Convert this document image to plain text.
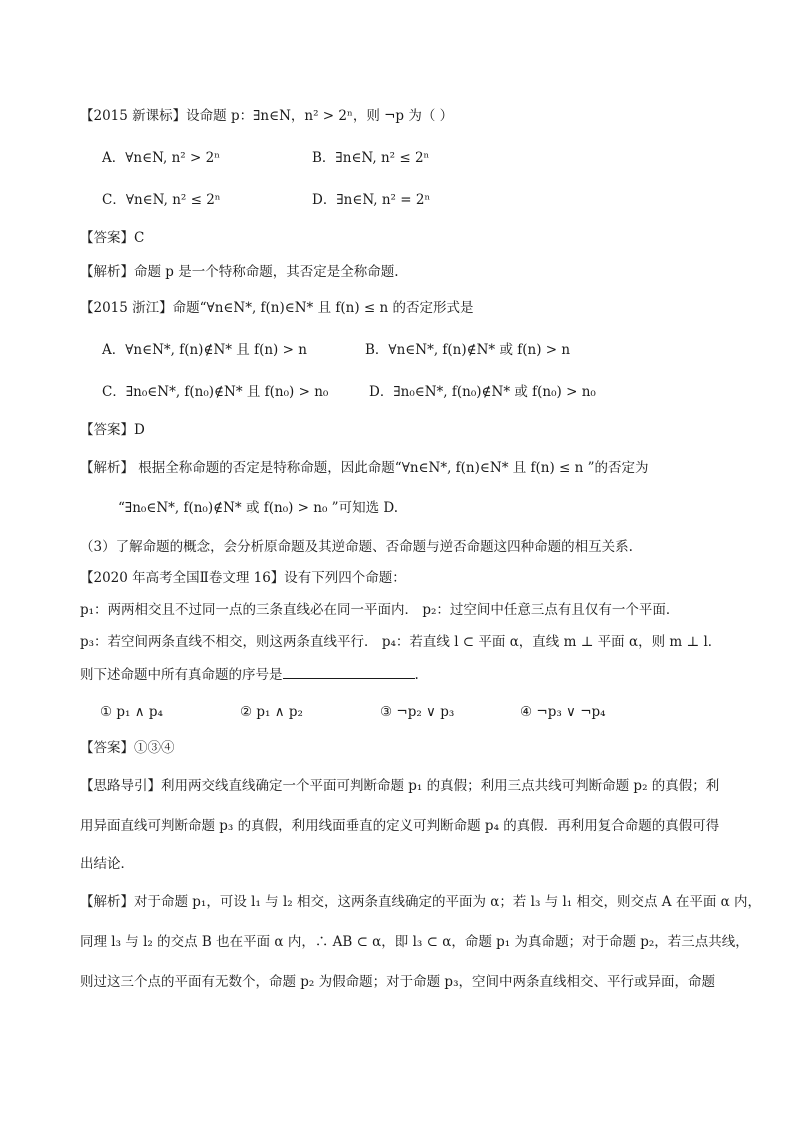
【2015 新课标】设命题 p：∃n∈N，n² > 2ⁿ，则 ¬p 为（ ）
A．∀n∈N, n² > 2ⁿ	B．∃n∈N, n² ≤ 2ⁿ
C．∀n∈N, n² ≤ 2ⁿ	D．∃n∈N, n² = 2ⁿ
【答案】C
【解析】命题 p 是一个特称命题，其否定是全称命题.
【2015 浙江】命题“∀n∈N*, f(n)∈N* 且 f(n) ≤ n 的否定形式是
A．∀n∈N*, f(n)∉N* 且 f(n) > n	B．∀n∈N*, f(n)∉N* 或 f(n) > n
C．∃n₀∈N*, f(n₀)∉N* 且 f(n₀) > n₀	D．∃n₀∈N*, f(n₀)∉N* 或 f(n₀) > n₀
【答案】D
【解析】 根据全称命题的否定是特称命题，因此命题“∀n∈N*, f(n)∈N* 且 f(n) ≤ n ”的否定为
“∃n₀∈N*, f(n₀)∉N* 或 f(n₀) > n₀ ”可知选 D.
（3）了解命题的概念，会分析原命题及其逆命题、否命题与逆否命题这四种命题的相互关系.
【2020 年高考全国Ⅱ卷文理 16】设有下列四个命题：
p₁：两两相交且不过同一点的三条直线必在同一平面内． p₂：过空间中任意三点有且仅有一个平面．
p₃：若空间两条直线不相交，则这两条直线平行． p₄：若直线 l ⊂ 平面 α，直线 m ⊥ 平面 α，则 m ⊥ l．
则下述命题中所有真命题的序号是	.
① p₁ ∧ p₄	② p₁ ∧ p₂	③ ¬p₂ ∨ p₃	④ ¬p₃ ∨ ¬p₄
【答案】①③④
【思路导引】利用两交线直线确定一个平面可判断命题 p₁ 的真假；利用三点共线可判断命题 p₂ 的真假；利
用异面直线可判断命题 p₃ 的真假，利用线面垂直的定义可判断命题 p₄ 的真假．再利用复合命题的真假可得
出结论．
【解析】对于命题 p₁，可设 l₁ 与 l₂ 相交，这两条直线确定的平面为 α；若 l₃ 与 l₁ 相交，则交点 A 在平面 α 内，
同理 l₃ 与 l₂ 的交点 B 也在平面 α 内，∴ AB ⊂ α，即 l₃ ⊂ α，命题 p₁ 为真命题；对于命题 p₂，若三点共线，
则过这三个点的平面有无数个，命题 p₂ 为假命题；对于命题 p₃，空间中两条直线相交、平行或异面，命题
